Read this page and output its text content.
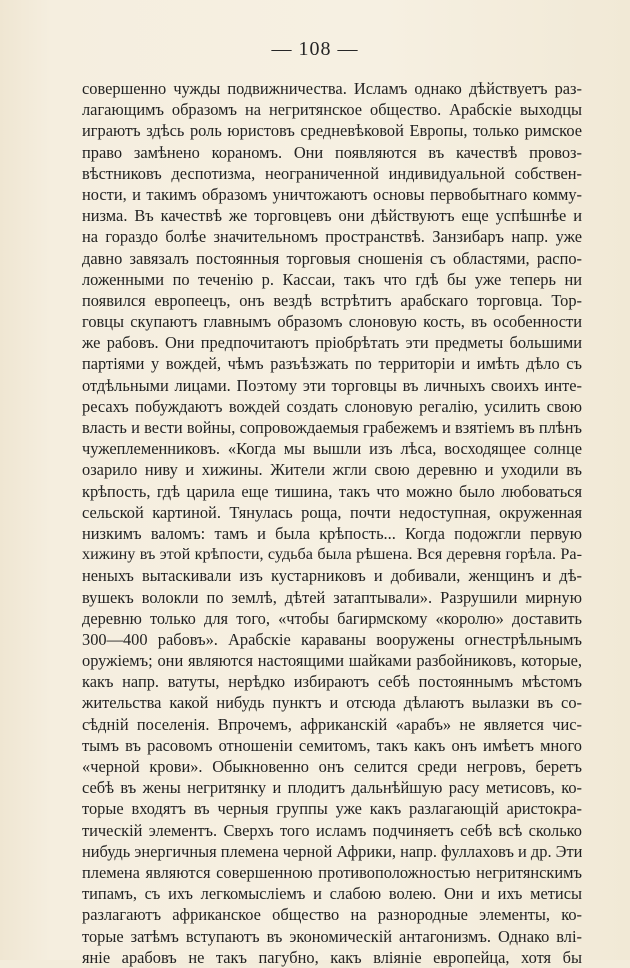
— 108 —
совершенно чужды подвижничества. Исламъ однако дѣйствуетъ раз-
лагающимъ образомъ на негритянское общество. Арабскіе выходцы
играютъ здѣсь роль юристовъ средневѣковой Европы, только римское
право замѣнено кораномъ. Они появляются въ качествѣ провоз-
вѣстниковъ деспотизма, неограниченной индивидуальной собствен-
ности, и такимъ образомъ уничтожаютъ основы первобытнаго комму-
низма. Въ качествѣ же торговцевъ они дѣйствуютъ еще успѣшнѣе и
на гораздо болѣе значительномъ пространствѣ. Занзибаръ напр. уже
давно завязалъ постоянныя торговыя сношенія съ областями, распо-
ложенными по теченію р. Кассаи, такъ что гдѣ бы уже теперь ни
появился европеецъ, онъ вездѣ встрѣтитъ арабскаго торговца. Тор-
говцы скупаютъ главнымъ образомъ слоновую кость, въ особенности
же рабовъ. Они предпочитаютъ пріобрѣтать эти предметы большими
партіями у вождей, чѣмъ разъѣзжать по территоріи и имѣть дѣло съ
отдѣльными лицами. Поэтому эти торговцы въ личныхъ своихъ инте-
ресахъ побуждаютъ вождей создать слоновую регалію, усилить свою
власть и вести войны, сопровождаемыя грабежемъ и взятіемъ въ плѣнъ
чужеплеменниковъ. «Когда мы вышли изъ лѣса, восходящее солнце
озарило ниву и хижины. Жители жгли свою деревню и уходили въ
крѣпость, гдѣ царила еще тишина, такъ что можно было любоваться
сельской картиной. Тянулась роща, почти недоступная, окруженная
низкимъ валомъ: тамъ и была крѣпость... Когда подожгли первую
хижину въ этой крѣпости, судьба была рѣшена. Вся деревня горѣла. Ра-
неныхъ вытаскивали изъ кустарниковъ и добивали, женщинъ и дѣ-
вушекъ волокли по землѣ, дѣтей затаптывали». Разрушили мирную
деревню только для того, «чтобы багирмскому «королю» доставить
300—400 рабовъ». Арабскіе караваны вооружены огнестрѣльнымъ
оружіемъ; они являются настоящими шайками разбойниковъ, которые,
какъ напр. ватуты, нерѣдко избираютъ себѣ постояннымъ мѣстомъ
жительства какой нибудь пунктъ и отсюда дѣлаютъ вылазки въ со-
сѣдній поселенія. Впрочемъ, африканскій «арабъ» не является чис-
тымъ въ расовомъ отношеніи семитомъ, такъ какъ онъ имѣетъ много
«черной крови». Обыкновенно онъ селится среди негровъ, беретъ
себѣ въ жены негритянку и плодитъ дальнѣйшую расу метисовъ, ко-
торые входятъ въ черныя группы уже какъ разлагающій аристокра-
тическій элементъ. Сверхъ того исламъ подчиняетъ себѣ всѣ сколько
нибудь энергичныя племена черной Африки, напр. фуллаховъ и др. Эти
племена являются совершенною противоположностью негритянскимъ
типамъ, съ ихъ легкомысліемъ и слабою волею. Они и ихъ метисы
разлагаютъ африканское общество на разнородные элементы, ко-
торые затѣмъ вступаютъ въ экономическій антагонизмъ. Однако влі-
яніе арабовъ не такъ пагубно, какъ вліяніе европейца, хотя бы
